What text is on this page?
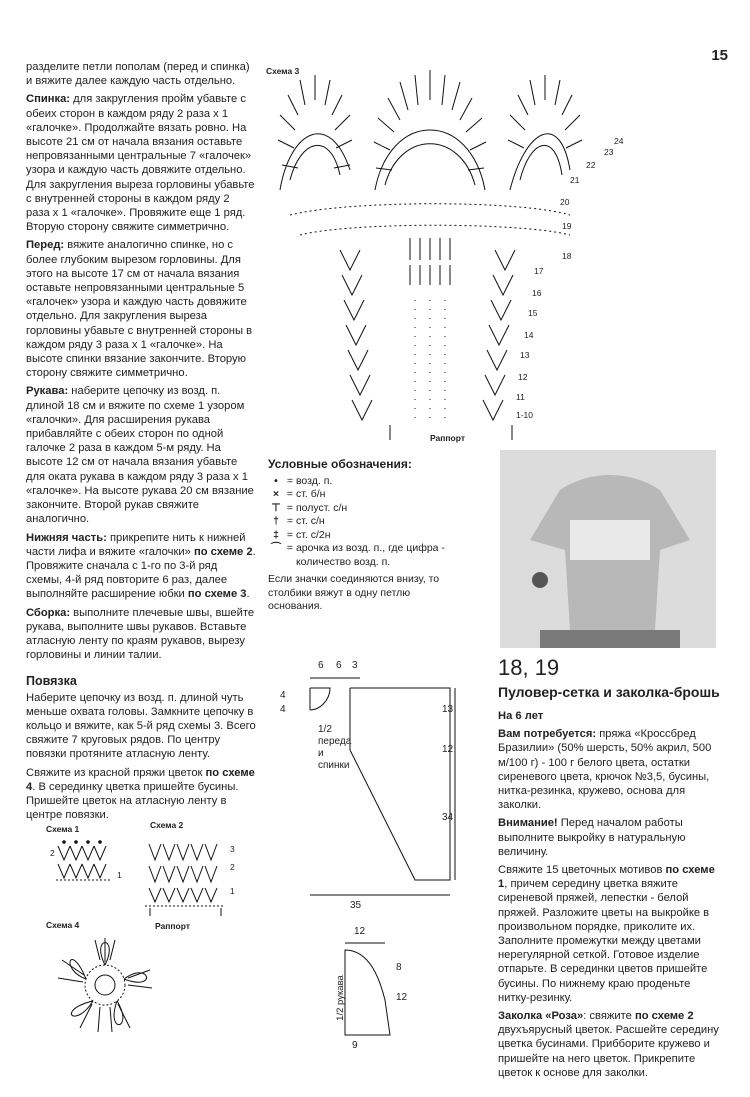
15

разделите петли пополам (перед и спинка) и вяжите далее каждую часть отдельно.

Спинка: для закругления пройм убавьте с обеих сторон в каждом ряду 2 раза х 1 «галочке». Продолжайте вязать ровно. На высоте 21 см от начала вязания оставьте непровязанными центральные 7 «галочек» узора и каждую часть довяжите отдельно. Для закругления выреза горловины убавьте с внутренней стороны в каждом ряду 2 раза х 1 «галочке». Провяжите еще 1 ряд. Вторую сторону свяжите симметрично.

Перед: вяжите аналогично спинке, но с более глубоким вырезом горловины. Для этого на высоте 17 см от начала вязания оставьте непровязанными центральные 5 «галочек» узора и каждую часть довяжите отдельно. Для закругления выреза горловины убавьте с внутренней стороны в каждом ряду 3 раза х 1 «галочке». На высоте спинки вязание закончите. Вторую сторону свяжите симметрично.

Рукава: наберите цепочку из возд. п. длиной 18 см и вяжите по схеме 1 узором «галочки». Для расширения рукава прибавляйте с обеих сторон по одной галочке 2 раза в каждом 5-м ряду. На высоте 12 см от начала вязания убавьте для оката рукава в каждом ряду 3 раза х 1 «галочке». На высоте рукава 20 см вязание закончите. Второй рукав свяжите аналогично.

Нижняя часть: прикрепите нить к нижней части лифа и вяжите «галочки» по схеме 2. Провяжите сначала с 1-го по 3-й ряд схемы, 4-й ряд повторите 6 раз, далее выполняйте расширение юбки по схеме 3.

Сборка: выполните плечевые швы, вшейте рукава, выполните швы рукавов. Вставьте атласную ленту по краям рукавов, вырезу горловины и линии талии.

Повязка

Наберите цепочку из возд. п. длиной чуть меньше охвата головы. Замкните цепочку в кольцо и вяжите, как 5-й ряд схемы 3. Всего свяжите 7 круговых рядов. По центру повязки протяните атласную ленту.

Свяжите из красной пряжи цветок по схеме 4. В серединку цветка пришейте бусины. Пришейте цветок на атласную ленту в центре повязки.

Схема 1	Схема 2
Схема 4	Раппорт
2
1
3
2
1
Схема 3
Раппорт
24
23
22
21
20
19
18
17
16
15
14
13
12
11
1-10
Условные обозначения:
• = возд. п.
× = ст. б/н
⊤ = полуст. с/н
† = ст. с/н
‡ = ст. с/2н
⌒ = арочка из возд. п., где цифра - количество возд. п.
Если значки соединяются внизу, то столбики вяжут в одну петлю основания.
6 6 3
4
4	13
12
34
35
1/2
переда
и
спинки
12
8
12
9
1/2 рукава
18, 19
Пуловер-сетка и заколка-брошь
На 6 лет

Вам потребуется: пряжа «Кроссбред Бразилии» (50% шерсть, 50% акрил, 500 м/100 г) - 100 г белого цвета, остатки сиреневого цвета, крючок №3,5, бусины, нитка-резинка, кружево, основа для заколки.

Внимание! Перед началом работы выполните выкройку в натуральную величину.

Свяжите 15 цветочных мотивов по схеме 1, причем середину цветка вяжите сиреневой пряжей, лепестки - белой пряжей. Разложите цветы на выкройке в произвольном порядке, приколите их. Заполните промежутки между цветами нерегулярной сеткой. Готовое изделие отпарьте. В серединки цветов пришейте бусины. По нижнему краю проденьте нитку-резинку.

Заколка «Роза»: свяжите по схеме 2 двухъярусный цветок. Расшейте середину цветка бусинами. Прибборите кружево и пришейте на него цветок. Прикрепите цветок к основе для заколки.
